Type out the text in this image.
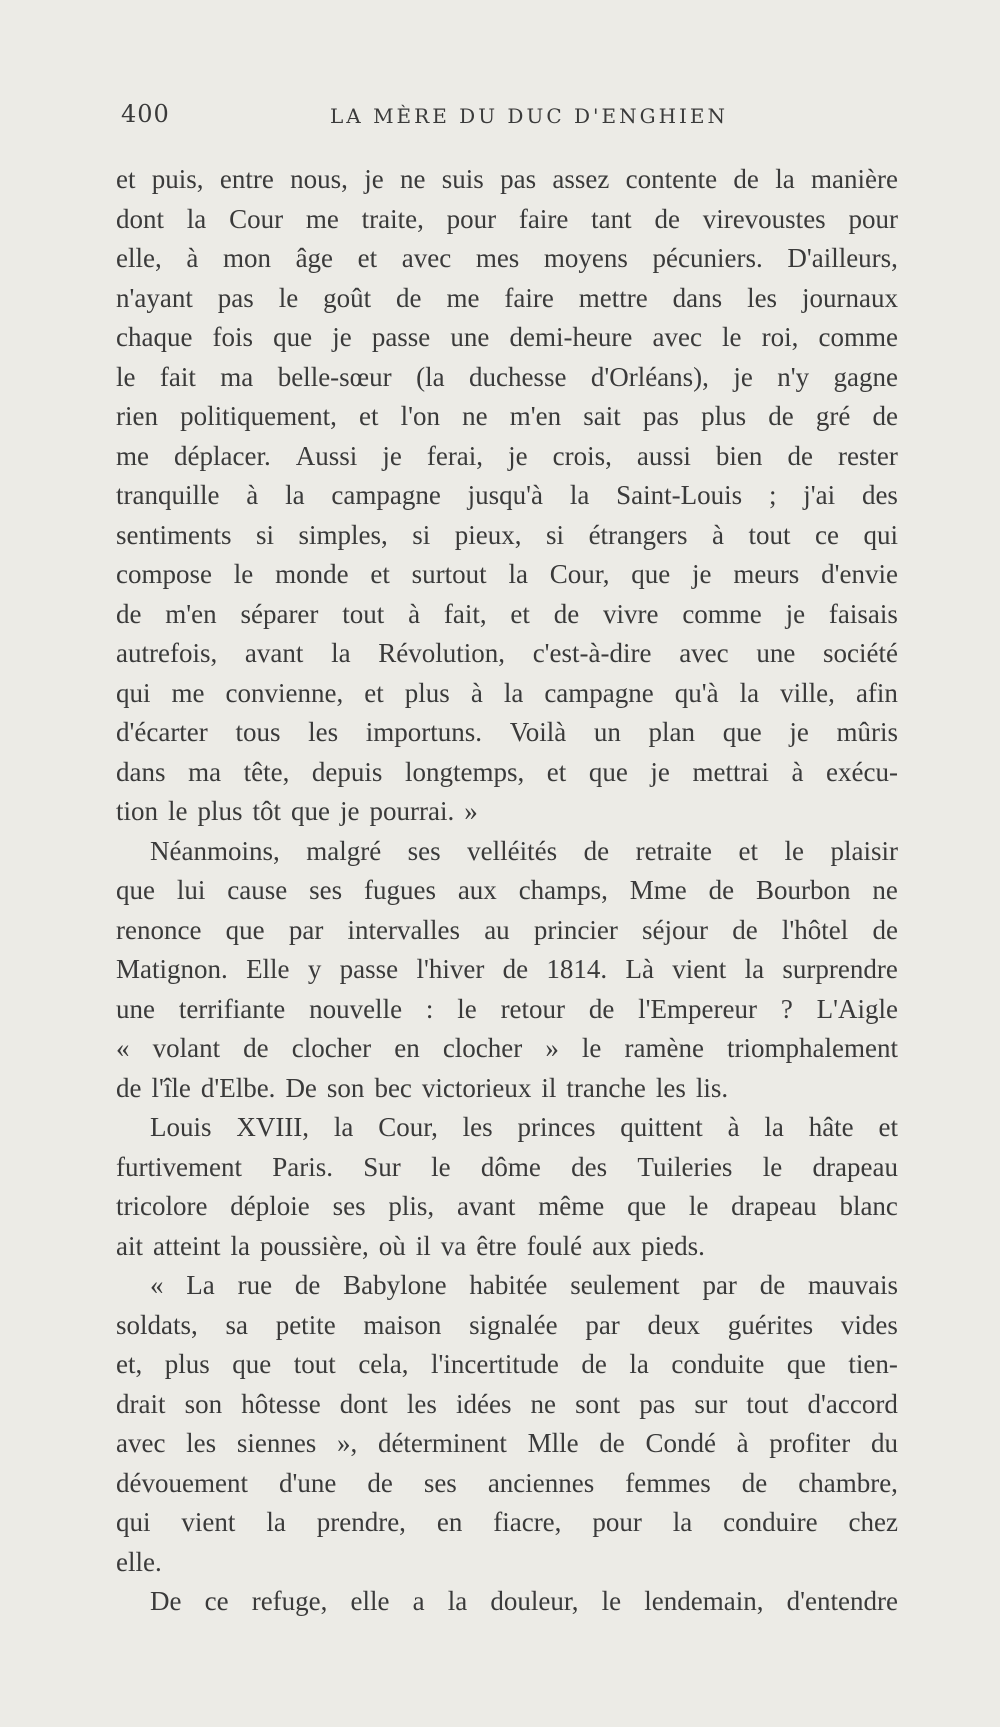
400	LA MÈRE DU DUC D'ENGHIEN
et puis, entre nous, je ne suis pas assez contente de la manière
dont la Cour me traite, pour faire tant de virevoustes pour
elle, à mon âge et avec mes moyens pécuniers. D'ailleurs,
n'ayant pas le goût de me faire mettre dans les journaux
chaque fois que je passe une demi-heure avec le roi, comme
le fait ma belle-sœur (la duchesse d'Orléans), je n'y gagne
rien politiquement, et l'on ne m'en sait pas plus de gré de
me déplacer. Aussi je ferai, je crois, aussi bien de rester
tranquille à la campagne jusqu'à la Saint-Louis ; j'ai des
sentiments si simples, si pieux, si étrangers à tout ce qui
compose le monde et surtout la Cour, que je meurs d'envie
de m'en séparer tout à fait, et de vivre comme je faisais
autrefois, avant la Révolution, c'est-à-dire avec une société
qui me convienne, et plus à la campagne qu'à la ville, afin
d'écarter tous les importuns. Voilà un plan que je mûris
dans ma tête, depuis longtemps, et que je mettrai à exécu-
tion le plus tôt que je pourrai. »
Néanmoins, malgré ses velléités de retraite et le plaisir
que lui cause ses fugues aux champs, Mme de Bourbon ne
renonce que par intervalles au princier séjour de l'hôtel de
Matignon. Elle y passe l'hiver de 1814. Là vient la surprendre
une terrifiante nouvelle : le retour de l'Empereur ? L'Aigle
« volant de clocher en clocher » le ramène triomphalement
de l'île d'Elbe. De son bec victorieux il tranche les lis.
Louis XVIII, la Cour, les princes quittent à la hâte et
furtivement Paris. Sur le dôme des Tuileries le drapeau
tricolore déploie ses plis, avant même que le drapeau blanc
ait atteint la poussière, où il va être foulé aux pieds.
« La rue de Babylone habitée seulement par de mauvais
soldats, sa petite maison signalée par deux guérites vides
et, plus que tout cela, l'incertitude de la conduite que tien-
drait son hôtesse dont les idées ne sont pas sur tout d'accord
avec les siennes », déterminent Mlle de Condé à profiter du
dévouement d'une de ses anciennes femmes de chambre,
qui vient la prendre, en fiacre, pour la conduire chez
elle.
De ce refuge, elle a la douleur, le lendemain, d'entendre
